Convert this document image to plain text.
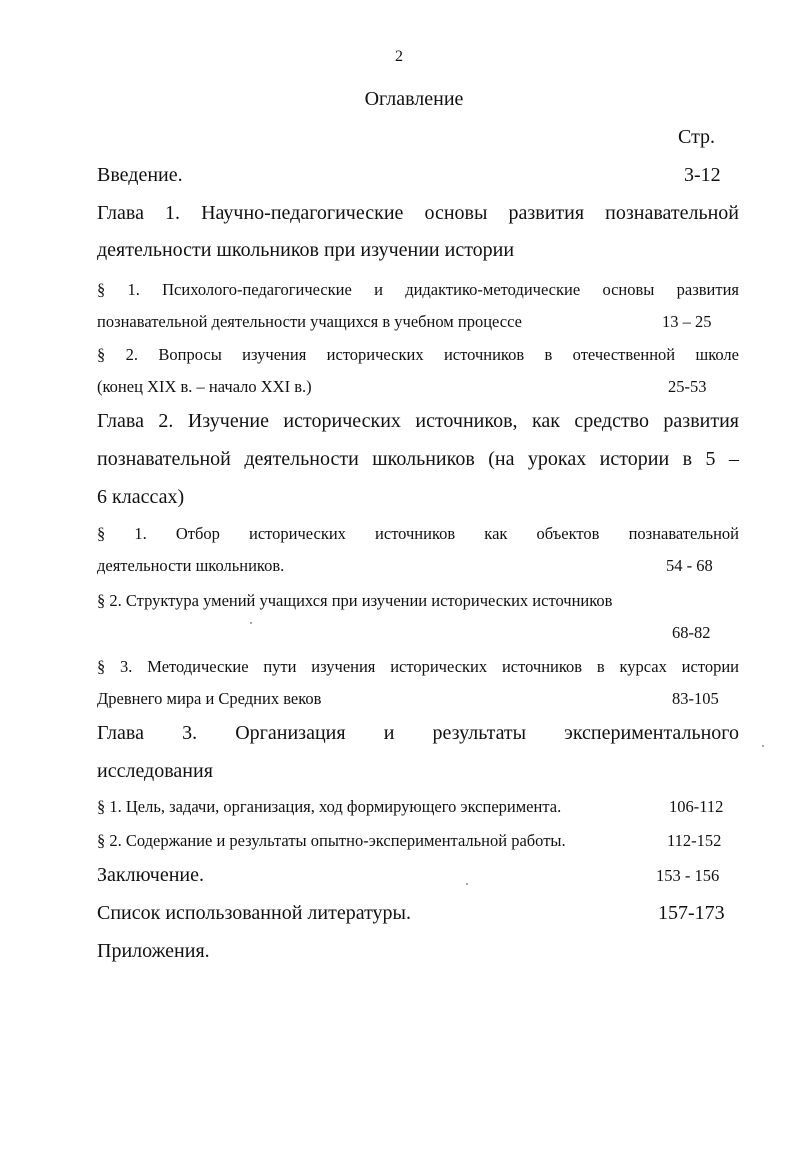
2
Оглавление
Стр.
Введение.	3-12
Глава 1. Научно-педагогические основы развития познавательной
деятельности школьников при изучении истории
§ 1. Психолого-педагогические и дидактико-методические основы развития
познавательной деятельности учащихся в учебном процессе	13 – 25
§ 2. Вопросы изучения исторических источников в отечественной школе
(конец XIX в. – начало XXI в.)	25-53
Глава 2. Изучение исторических источников, как средство развития
познавательной деятельности школьников (на уроках истории в 5 –
6 классах)
§ 1. Отбор исторических источников как объектов познавательной
деятельности школьников.	54 - 68
§ 2. Структура умений учащихся при изучении исторических источников
68-82
§ 3. Методические пути изучения исторических источников в курсах истории
Древнего мира и Средних веков	83-105
Глава 3. Организация и результаты экспериментального
исследования
§ 1. Цель, задачи, организация, ход формирующего эксперимента.	106-112
§ 2. Содержание и результаты опытно-экспериментальной работы.	112-152
Заключение.	153 - 156
Список использованной литературы.	157-173
Приложения.
